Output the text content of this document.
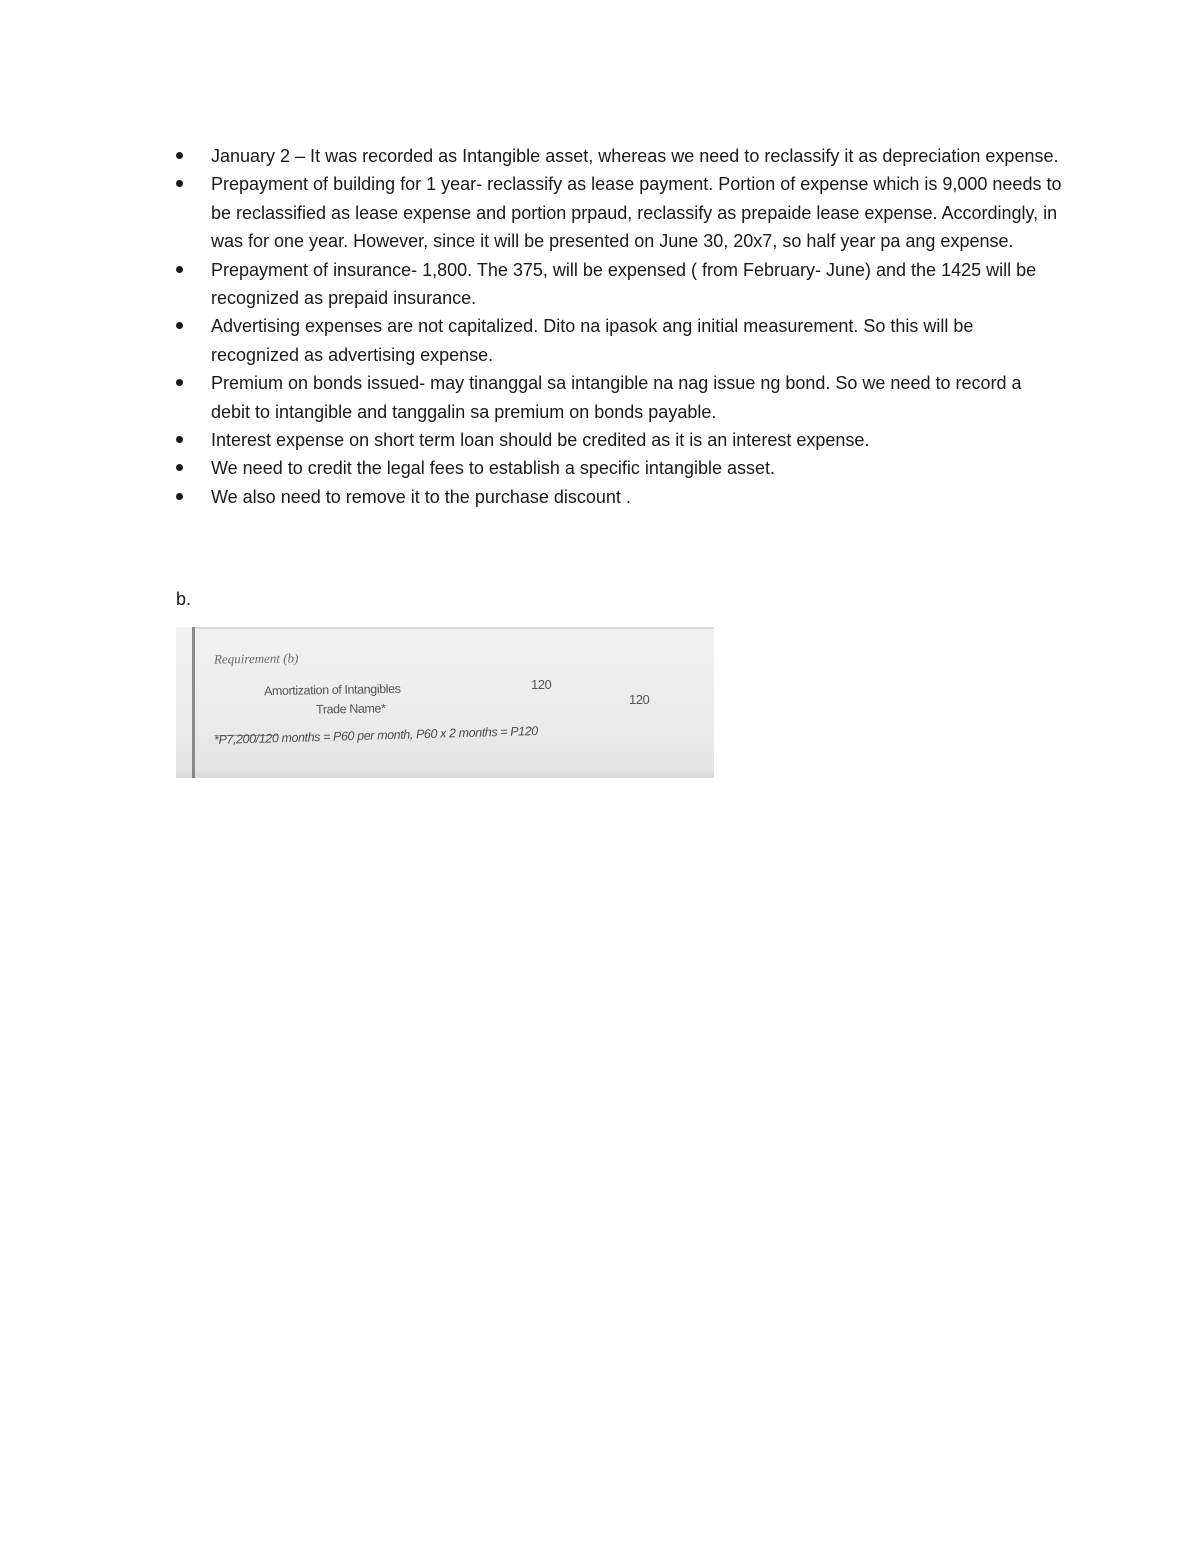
January 2 – It was recorded as Intangible asset, whereas we need to reclassify it as depreciation expense.
Prepayment of building for 1 year- reclassify as lease payment. Portion of expense which is 9,000 needs to be reclassified as lease expense and portion prpaud, reclassify as prepaide lease expense. Accordingly, in was for one year. However, since it will be presented on June 30, 20x7, so half year pa ang expense.
Prepayment of insurance- 1,800. The 375, will be expensed ( from February- June) and the 1425 will be recognized as prepaid insurance.
Advertising expenses are not capitalized. Dito na ipasok ang initial measurement. So this will be recognized as advertising expense.
Premium on bonds issued- may tinanggal sa intangible na nag issue ng bond. So we need to record a debit to intangible and tanggalin sa premium on bonds payable.
Interest expense on short term loan should be credited as it is an interest expense.
We need to credit the legal fees to establish a specific intangible asset.
We also need to remove it to the purchase discount .
b.
Requirement (b)
Amortization of Intangibles
Trade Name*
120
120
*P7,200/120 months = P60 per month, P60 x 2 months = P120
